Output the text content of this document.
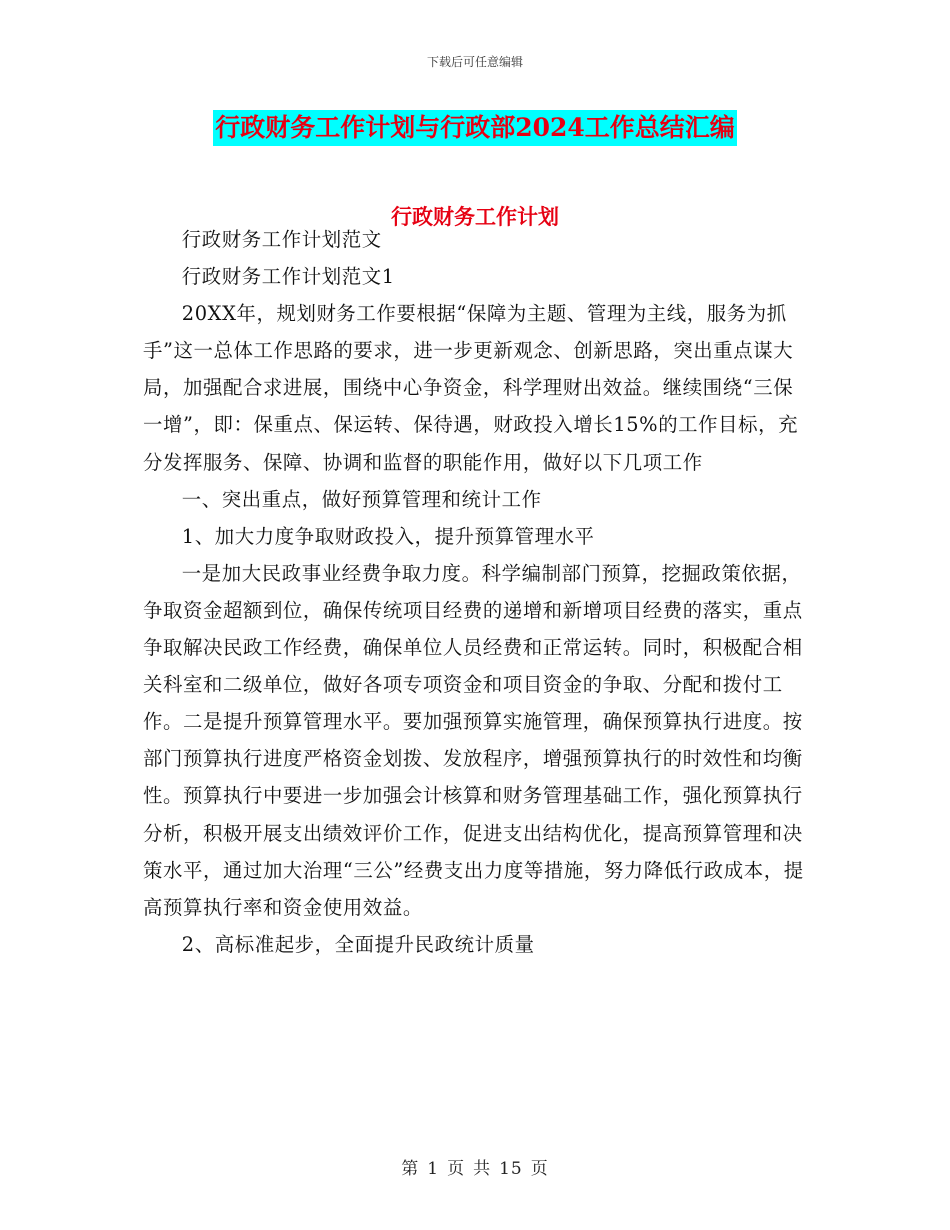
下载后可任意编辑
行政财务工作计划与行政部2024工作总结汇编
行政财务工作计划

行政财务工作计划范文

行政财务工作计划范文1

20XX年，规划财务工作要根据“保障为主题、管理为主线，服务为抓手”这一总体工作思路的要求，进一步更新观念、创新思路，突出重点谋大局，加强配合求进展，围绕中心争资金，科学理财出效益。继续围绕“三保一增”，即：保重点、保运转、保待遇，财政投入增长15%的工作目标，充分发挥服务、保障、协调和监督的职能作用，做好以下几项工作

一、突出重点，做好预算管理和统计工作

1、加大力度争取财政投入，提升预算管理水平

一是加大民政事业经费争取力度。科学编制部门预算，挖掘政策依据，争取资金超额到位，确保传统项目经费的递增和新增项目经费的落实，重点争取解决民政工作经费，确保单位人员经费和正常运转。同时，积极配合相关科室和二级单位，做好各项专项资金和项目资金的争取、分配和拨付工作。二是提升预算管理水平。要加强预算实施管理，确保预算执行进度。按部门预算执行进度严格资金划拨、发放程序，增强预算执行的时效性和均衡性。预算执行中要进一步加强会计核算和财务管理基础工作，强化预算执行分析，积极开展支出绩效评价工作，促进支出结构优化，提高预算管理和决策水平，通过加大治理“三公”经费支出力度等措施，努力降低行政成本，提高预算执行率和资金使用效益。

2、高标准起步，全面提升民政统计质量

第 1 页 共 15 页
